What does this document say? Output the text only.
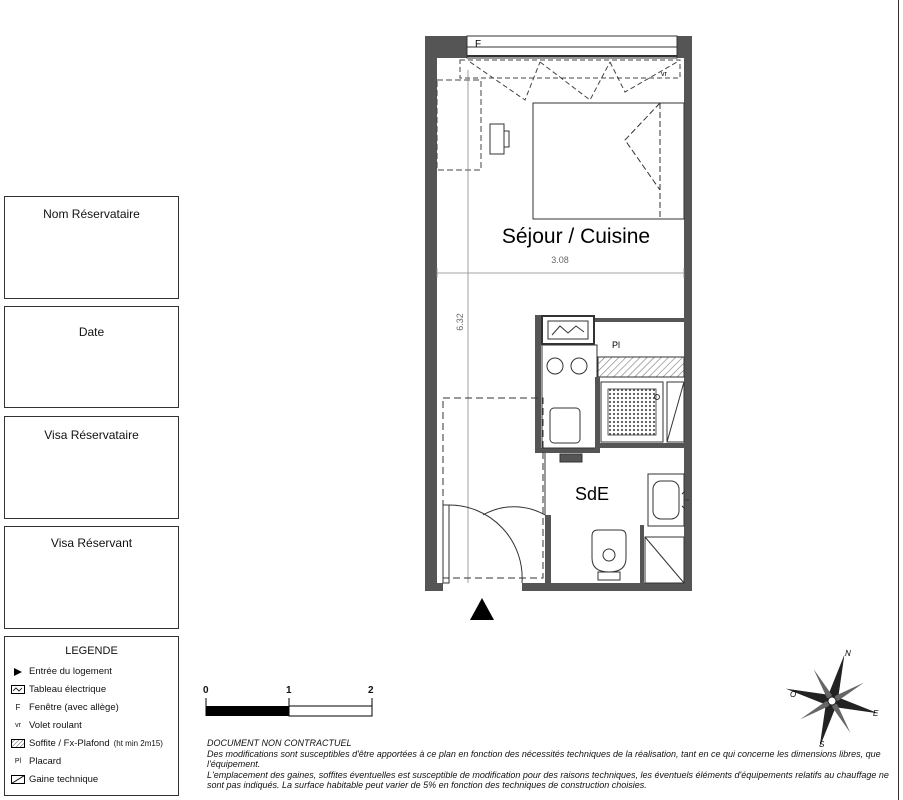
Nom Réservataire
Date
Visa Réservataire
Visa Réservant
LEGENDE
Entrée du logement
Tableau électrique
F Fenêtre (avec allège)
vr Volet roulant
Soffite / Fx-Plafond (ht min 2m15)
Pl Placard
Gaine technique
F
vr
Séjour / Cuisine
3.08
6.32
Pl
SdE
N
S
E
O
0	1	2
DOCUMENT NON CONTRACTUEL
Des modifications sont susceptibles d'être apportées à ce plan en fonction des nécessités techniques de la réalisation, tant en ce qui concerne les dimensions libres, que l'équipement.
L'emplacement des gaines, soffites éventuelles est susceptible de modification pour des raisons techniques, les éventuels éléments d'équipements relatifs au chauffage ne sont pas indiqués. La surface habitable peut varier de 5% en fonction des techniques de construction choisies.
